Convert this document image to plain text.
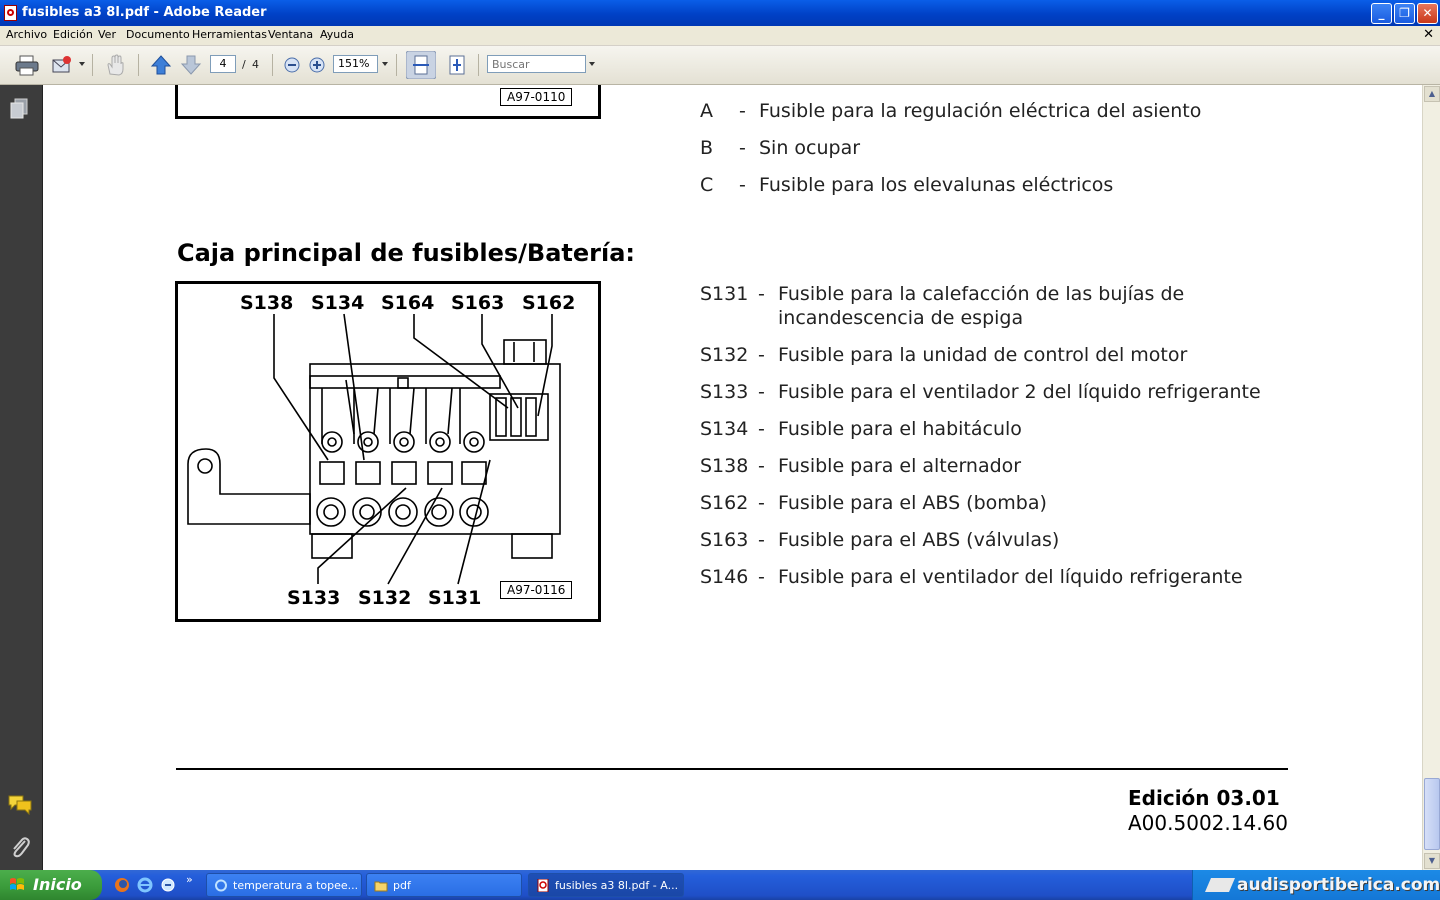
fusibles a3 8l.pdf - Adobe Reader	_	❐	✕
Archivo Edición Ver Documento Herramientas Ventana Ayuda	✕
4	/ 4	151%
Buscar
A97-0110
A - Fusible para la regulación eléctrica del asiento
B - Sin ocupar
C - Fusible para los elevalunas eléctricos
Caja principal de fusibles/Batería:
S138 S134 S164 S163 S162
S133 S132 S131	A97-0116
S131 - Fusible para la calefacción de las bujías de
incandescencia de espiga
S132 - Fusible para la unidad de control del motor
S133 - Fusible para el ventilador 2 del líquido refrigerante
S134 - Fusible para el habitáculo
S138 - Fusible para el alternador
S162 - Fusible para el ABS (bomba)
S163 - Fusible para el ABS (válvulas)
S146 - Fusible para el ventilador del líquido refrigerante
Edición 03.01
A00.5002.14.60
▲
▼
Inicio	»	temperatura a topee...	pdf	fusibles a3 8l.pdf - A...	audisportiberica.com
